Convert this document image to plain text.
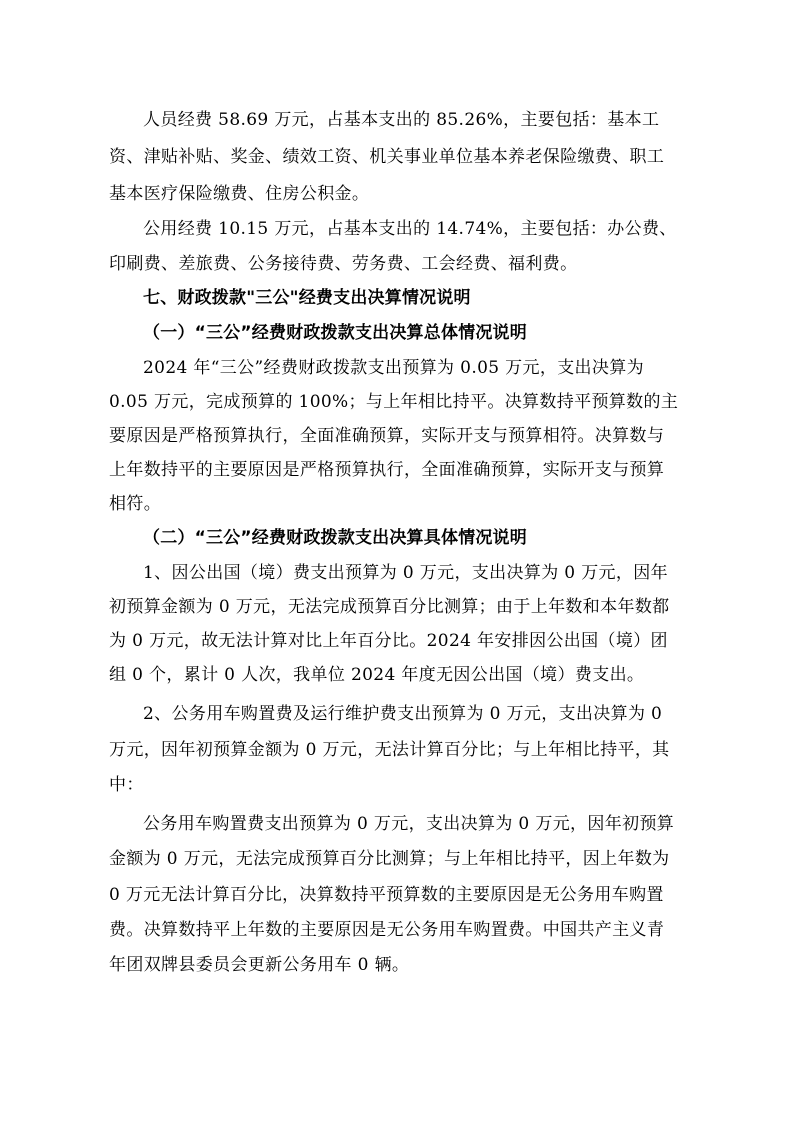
人员经费 58.69 万元，占基本支出的 85.26%，主要包括：基本工
资、津贴补贴、奖金、绩效工资、机关事业单位基本养老保险缴费、职工
基本医疗保险缴费、住房公积金。
公用经费 10.15 万元，占基本支出的 14.74%，主要包括：办公费、
印刷费、差旅费、公务接待费、劳务费、工会经费、福利费。
七、财政拨款"三公"经费支出决算情况说明
（一）“三公”经费财政拨款支出决算总体情况说明
2024 年“三公”经费财政拨款支出预算为 0.05 万元，支出决算为
0.05 万元，完成预算的 100%；与上年相比持平。决算数持平预算数的主
要原因是严格预算执行，全面准确预算，实际开支与预算相符。决算数与
上年数持平的主要原因是严格预算执行，全面准确预算，实际开支与预算
相符。
（二）“三公”经费财政拨款支出决算具体情况说明
1、因公出国（境）费支出预算为 0 万元，支出决算为 0 万元，因年
初预算金额为 0 万元，无法完成预算百分比测算；由于上年数和本年数都
为 0 万元，故无法计算对比上年百分比。2024 年安排因公出国（境）团
组 0 个，累计 0 人次，我单位 2024 年度无因公出国（境）费支出。
2、公务用车购置费及运行维护费支出预算为 0 万元，支出决算为 0
万元，因年初预算金额为 0 万元，无法计算百分比；与上年相比持平，其
中：
公务用车购置费支出预算为 0 万元，支出决算为 0 万元，因年初预算
金额为 0 万元，无法完成预算百分比测算；与上年相比持平，因上年数为
0 万元无法计算百分比，决算数持平预算数的主要原因是无公务用车购置
费。决算数持平上年数的主要原因是无公务用车购置费。中国共产主义青
年团双牌县委员会更新公务用车 0 辆。
